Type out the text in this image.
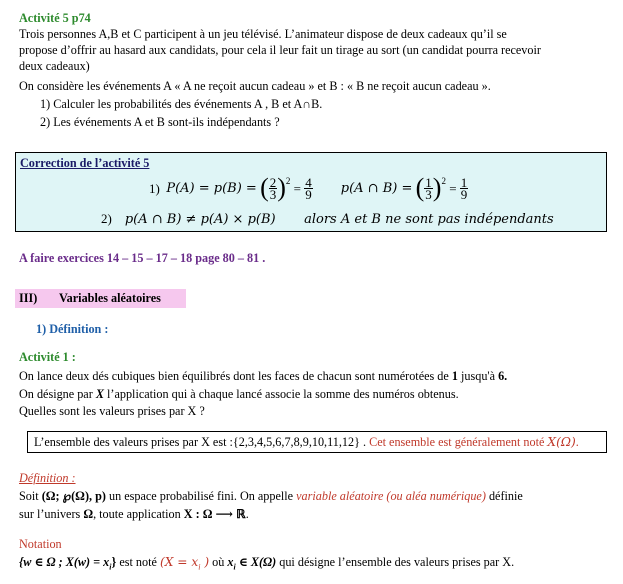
Activité 5 p74
Trois personnes A,B et C participent à un jeu télévisé. L’animateur dispose de deux cadeaux qu’il se
propose d’offrir au hasard aux candidats, pour cela il leur fait un tirage au sort (un candidat pourra recevoir
deux cadeaux)
On considère les événements A « A ne reçoit aucun cadeau » et B : « B ne reçoit aucun cadeau ».
1) Calculer les probabilités des événements A , B et A∩B.
2) Les événements A et B sont-ils indépendants ?
Correction de l’activité 5
1)
P(A) = p(B) =
( $\frac{2}{3} )^2$
=
$\frac{4}{9} p(A$ ∩ B) =
( $\frac{1}{3} )^2$
=
$\frac{1}{9}$
2) p(A ∩ B) ≠ p(A) × p(B) alors A et B ne sont pas indépendants
A faire exercices 14 – 15 – 17 – 18 page 80 – 81 .
III) Variables aléatoires
1) Définition :
Activité 1 :
On lance deux dés cubiques bien équilibrés dont les faces de chacun sont numérotées de 1 jusqu'à 6.
On désigne par X l’application qui à chaque lancé associe la somme des numéros obtenus.
Quelles sont les valeurs prises par X ?
L’ensemble des valeurs prises par X est :{2,3,4,5,6,7,8,9,10,11,12} . Cet ensemble est généralement noté X(Ω).
Définition :
Soit (Ω; ℘(Ω), p) un espace probabilisé fini. On appelle variable aléatoire (ou aléa numérique) définie
sur l’univers Ω, toute application X : Ω ⟶ ℝ.
Notation
{w ∈ Ω ; $X(w) = x_i$} est noté ($X = x_i$ ) où $x_i$ ∈ X(Ω) qui désigne l’ensemble des valeurs prises par X.
